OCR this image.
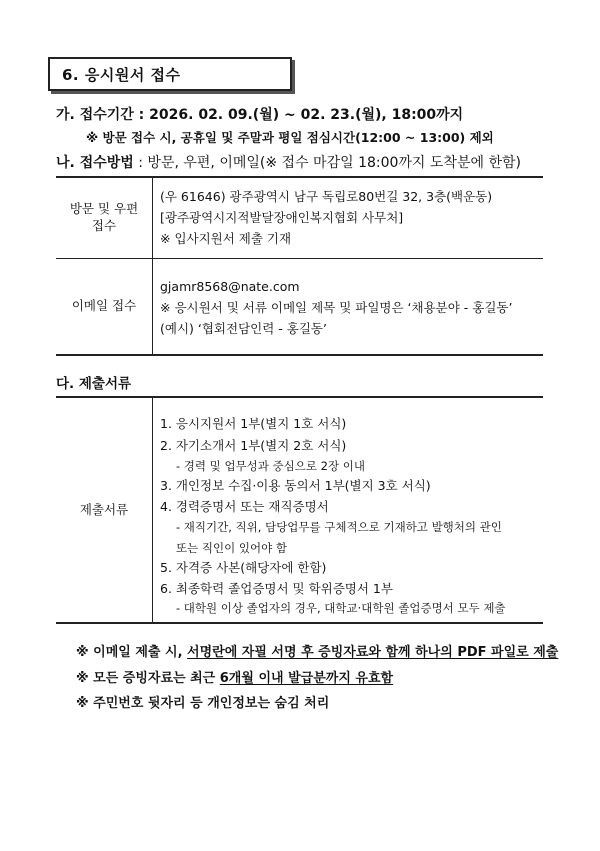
6. 응시원서 접수
가. 접수기간 : 2026. 02. 09.(월) ~ 02. 23.(월), 18:00까지
※ 방문 접수 시, 공휴일 및 주말과 평일 점심시간(12:00 ~ 13:00) 제외
나. 접수방법 : 방문, 우편, 이메일(※ 접수 마감일 18:00까지 도착분에 한함)
방문 및 우편
접수
(우 61646) 광주광역시 남구 독립로80번길 32, 3층(백운동)
[광주광역시지적발달장애인복지협회 사무처]
※ 입사지원서 제출 기재
이메일 접수
gjamr8568@nate.com
※ 응시원서 및 서류 이메일 제목 및 파일명은 ‘채용분야 - 홍길동’
(예시) ‘협회전담인력 - 홍길동’
다. 제출서류
제출서류
1. 응시지원서 1부(별지 1호 서식)
2. 자기소개서 1부(별지 2호 서식)
- 경력 및 업무성과 중심으로 2장 이내
3. 개인정보 수집·이용 동의서 1부(별지 3호 서식)
4. 경력증명서 또는 재직증명서
- 재직기간, 직위, 담당업무를 구체적으로 기재하고 발행처의 관인
또는 직인이 있어야 함
5. 자격증 사본(해당자에 한함)
6. 최종학력 졸업증명서 및 학위증명서 1부
- 대학원 이상 졸업자의 경우, 대학교·대학원 졸업증명서 모두 제출
※ 이메일 제출 시, 서명란에 자필 서명 후 증빙자료와 함께 하나의 PDF 파일로 제출
※ 모든 증빙자료는 최근 6개월 이내 발급분까지 유효함
※ 주민번호 뒷자리 등 개인정보는 숨김 처리
